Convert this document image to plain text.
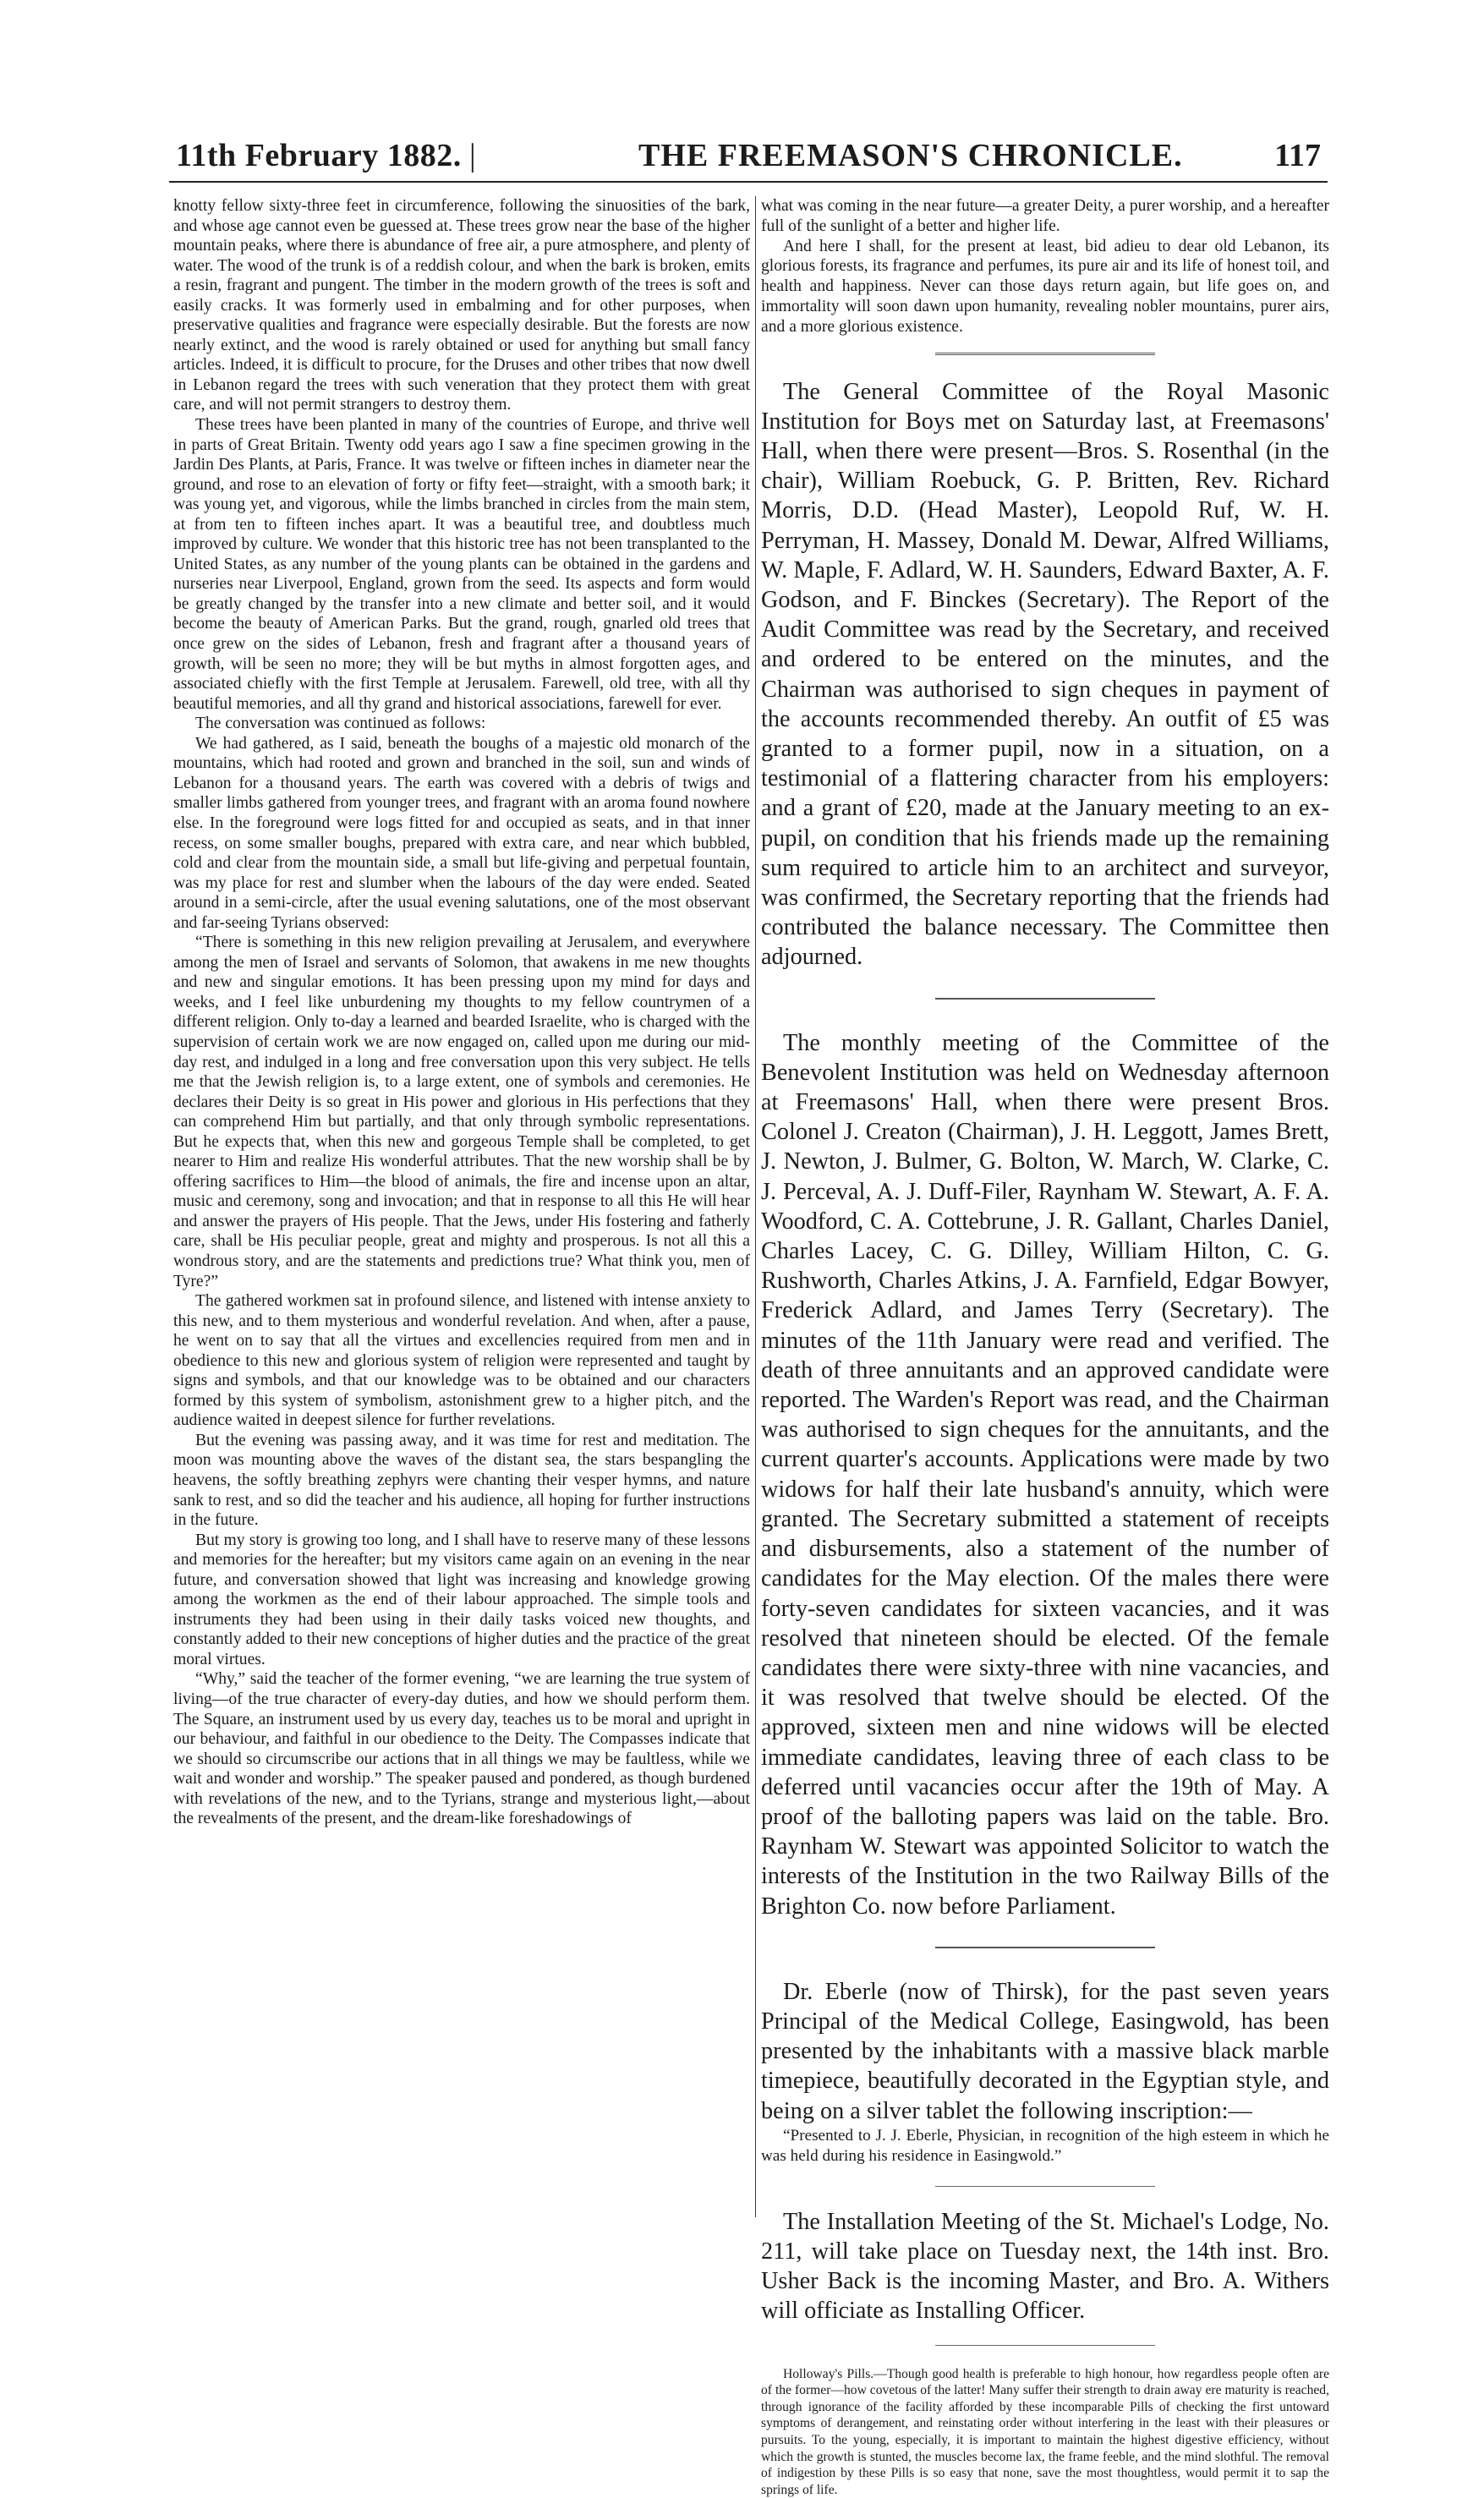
11th February 1882. |	THE FREEMASON'S CHRONICLE.	117

knotty fellow sixty-three feet in circumference, following the sinuosities of the bark, and whose age cannot even be guessed at. These trees grow near the base of the higher mountain peaks, where there is abundance of free air, a pure atmosphere, and plenty of water. The wood of the trunk is of a reddish colour, and when the bark is broken, emits a resin, fragrant and pungent. The timber in the modern growth of the trees is soft and easily cracks. It was formerly used in embalming and for other purposes, when preservative qualities and fragrance were especially desirable. But the forests are now nearly extinct, and the wood is rarely obtained or used for anything but small fancy articles. Indeed, it is difficult to procure, for the Druses and other tribes that now dwell in Lebanon regard the trees with such veneration that they protect them with great care, and will not permit strangers to destroy them.

These trees have been planted in many of the countries of Europe, and thrive well in parts of Great Britain. Twenty odd years ago I saw a fine specimen growing in the Jardin Des Plants, at Paris, France. It was twelve or fifteen inches in diameter near the ground, and rose to an elevation of forty or fifty feet—straight, with a smooth bark; it was young yet, and vigorous, while the limbs branched in circles from the main stem, at from ten to fifteen inches apart. It was a beautiful tree, and doubtless much improved by culture. We wonder that this historic tree has not been transplanted to the United States, as any number of the young plants can be obtained in the gardens and nurseries near Liverpool, England, grown from the seed. Its aspects and form would be greatly changed by the transfer into a new climate and better soil, and it would become the beauty of American Parks. But the grand, rough, gnarled old trees that once grew on the sides of Lebanon, fresh and fragrant after a thousand years of growth, will be seen no more; they will be but myths in almost forgotten ages, and associated chiefly with the first Temple at Jerusalem. Farewell, old tree, with all thy beautiful memories, and all thy grand and historical associations, farewell for ever.

The conversation was continued as follows:

We had gathered, as I said, beneath the boughs of a majestic old monarch of the mountains, which had rooted and grown and branched in the soil, sun and winds of Lebanon for a thousand years. The earth was covered with a debris of twigs and smaller limbs gathered from younger trees, and fragrant with an aroma found nowhere else. In the foreground were logs fitted for and occupied as seats, and in that inner recess, on some smaller boughs, prepared with extra care, and near which bubbled, cold and clear from the mountain side, a small but life-giving and perpetual fountain, was my place for rest and slumber when the labours of the day were ended. Seated around in a semi-circle, after the usual evening salutations, one of the most observant and far-seeing Tyrians observed:

“There is something in this new religion prevailing at Jerusalem, and everywhere among the men of Israel and servants of Solomon, that awakens in me new thoughts and new and singular emotions. It has been pressing upon my mind for days and weeks, and I feel like unburdening my thoughts to my fellow countrymen of a different religion. Only to-day a learned and bearded Israelite, who is charged with the supervision of certain work we are now engaged on, called upon me during our mid-day rest, and indulged in a long and free conversation upon this very subject. He tells me that the Jewish religion is, to a large extent, one of symbols and ceremonies. He declares their Deity is so great in His power and glorious in His perfections that they can comprehend Him but partially, and that only through symbolic representations. But he expects that, when this new and gorgeous Temple shall be completed, to get nearer to Him and realize His wonderful attributes. That the new worship shall be by offering sacrifices to Him—the blood of animals, the fire and incense upon an altar, music and ceremony, song and invocation; and that in response to all this He will hear and answer the prayers of His people. That the Jews, under His fostering and fatherly care, shall be His peculiar people, great and mighty and prosperous. Is not all this a wondrous story, and are the statements and predictions true? What think you, men of Tyre?”

The gathered workmen sat in profound silence, and listened with intense anxiety to this new, and to them mysterious and wonderful revelation. And when, after a pause, he went on to say that all the virtues and excellencies required from men and in obedience to this new and glorious system of religion were represented and taught by signs and symbols, and that our knowledge was to be obtained and our characters formed by this system of symbolism, astonishment grew to a higher pitch, and the audience waited in deepest silence for further revelations.

But the evening was passing away, and it was time for rest and meditation. The moon was mounting above the waves of the distant sea, the stars bespangling the heavens, the softly breathing zephyrs were chanting their vesper hymns, and nature sank to rest, and so did the teacher and his audience, all hoping for further instructions in the future.

But my story is growing too long, and I shall have to reserve many of these lessons and memories for the hereafter; but my visitors came again on an evening in the near future, and conversation showed that light was increasing and knowledge growing among the workmen as the end of their labour approached. The simple tools and instruments they had been using in their daily tasks voiced new thoughts, and constantly added to their new conceptions of higher duties and the practice of the great moral virtues.

“Why,” said the teacher of the former evening, “we are learning the true system of living—of the true character of every-day duties, and how we should perform them. The Square, an instrument used by us every day, teaches us to be moral and upright in our behaviour, and faithful in our obedience to the Deity. The Compasses indicate that we should so circumscribe our actions that in all things we may be faultless, while we wait and wonder and worship.” The speaker paused and pondered, as though burdened with revelations of the new, and to the Tyrians, strange and mysterious light,—about the revealments of the present, and the dream-like foreshadowings of

what was coming in the near future—a greater Deity, a purer worship, and a hereafter full of the sunlight of a better and higher life.

And here I shall, for the present at least, bid adieu to dear old Lebanon, its glorious forests, its fragrance and perfumes, its pure air and its life of honest toil, and health and happiness. Never can those days return again, but life goes on, and immortality will soon dawn upon humanity, revealing nobler mountains, purer airs, and a more glorious existence.

The General Committee of the Royal Masonic Institution for Boys met on Saturday last, at Freemasons' Hall, when there were present—Bros. S. Rosenthal (in the chair), William Roebuck, G. P. Britten, Rev. Richard Morris, D.D. (Head Master), Leopold Ruf, W. H. Perryman, H. Massey, Donald M. Dewar, Alfred Williams, W. Maple, F. Adlard, W. H. Saunders, Edward Baxter, A. F. Godson, and F. Binckes (Secretary). The Report of the Audit Committee was read by the Secretary, and received and ordered to be entered on the minutes, and the Chairman was authorised to sign cheques in payment of the accounts recommended thereby. An outfit of £5 was granted to a former pupil, now in a situation, on a testimonial of a flattering character from his employers: and a grant of £20, made at the January meeting to an ex-pupil, on condition that his friends made up the remaining sum required to article him to an architect and surveyor, was confirmed, the Secretary reporting that the friends had contributed the balance necessary. The Committee then adjourned.

The monthly meeting of the Committee of the Benevolent Institution was held on Wednesday afternoon at Freemasons' Hall, when there were present Bros. Colonel J. Creaton (Chairman), J. H. Leggott, James Brett, J. Newton, J. Bulmer, G. Bolton, W. March, W. Clarke, C. J. Perceval, A. J. Duff-Filer, Raynham W. Stewart, A. F. A. Woodford, C. A. Cottebrune, J. R. Gallant, Charles Daniel, Charles Lacey, C. G. Dilley, William Hilton, C. G. Rushworth, Charles Atkins, J. A. Farnfield, Edgar Bowyer, Frederick Adlard, and James Terry (Secretary). The minutes of the 11th January were read and verified. The death of three annuitants and an approved candidate were reported. The Warden's Report was read, and the Chairman was authorised to sign cheques for the annuitants, and the current quarter's accounts. Applications were made by two widows for half their late husband's annuity, which were granted. The Secretary submitted a statement of receipts and disbursements, also a statement of the number of candidates for the May election. Of the males there were forty-seven candidates for sixteen vacancies, and it was resolved that nineteen should be elected. Of the female candidates there were sixty-three with nine vacancies, and it was resolved that twelve should be elected. Of the approved, sixteen men and nine widows will be elected immediate candidates, leaving three of each class to be deferred until vacancies occur after the 19th of May. A proof of the balloting papers was laid on the table. Bro. Raynham W. Stewart was appointed Solicitor to watch the interests of the Institution in the two Railway Bills of the Brighton Co. now before Parliament.

Dr. Eberle (now of Thirsk), for the past seven years Principal of the Medical College, Easingwold, has been presented by the inhabitants with a massive black marble timepiece, beautifully decorated in the Egyptian style, and being on a silver tablet the following inscription:—

“Presented to J. J. Eberle, Physician, in recognition of the high esteem in which he was held during his residence in Easingwold.”

The Installation Meeting of the St. Michael's Lodge, No. 211, will take place on Tuesday next, the 14th inst. Bro. Usher Back is the incoming Master, and Bro. A. Withers will officiate as Installing Officer.

Holloway's Pills.—Though good health is preferable to high honour, how regardless people often are of the former—how covetous of the latter! Many suffer their strength to drain away ere maturity is reached, through ignorance of the facility afforded by these incomparable Pills of checking the first untoward symptoms of derangement, and reinstating order without interfering in the least with their pleasures or pursuits. To the young, especially, it is important to maintain the highest digestive efficiency, without which the growth is stunted, the muscles become lax, the frame feeble, and the mind slothful. The removal of indigestion by these Pills is so easy that none, save the most thoughtless, would permit it to sap the springs of life.
